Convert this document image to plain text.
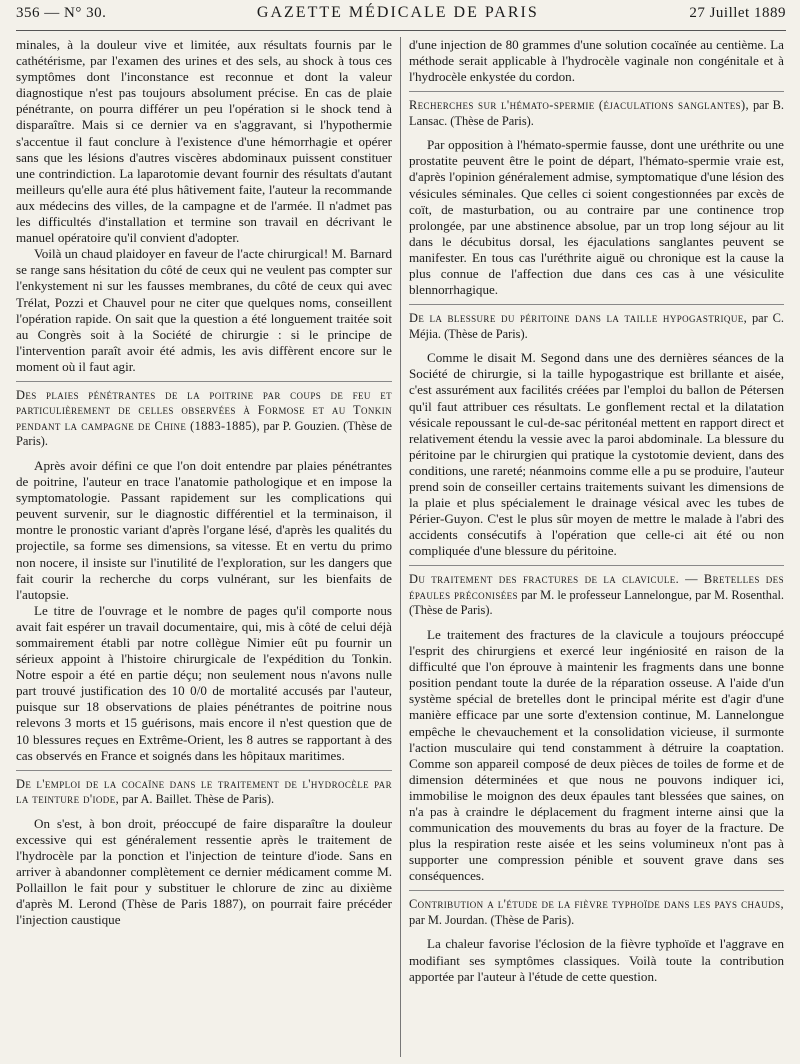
356 — N° 30.	GAZETTE MÉDICALE DE PARIS	27 Juillet 1889

minales, à la douleur vive et limitée, aux résultats fournis par le cathétérisme, par l'examen des urines et des sels, au shock à tous ces symptômes dont l'inconstance est reconnue et dont la valeur diagnostique n'est pas toujours absolument précise. En cas de plaie pénétrante, on pourra différer un peu l'opération si le shock tend à disparaître. Mais si ce dernier va en s'aggravant, si l'hypothermie s'accentue il faut conclure à l'existence d'une hémorrhagie et opérer sans que les lésions d'autres viscères abdominaux puissent constituer une contrindiction. La laparotomie devant fournir des résultats d'autant meilleurs qu'elle aura été plus hâtivement faite, l'auteur la recommande aux médecins des villes, de la campagne et de l'armée. Il n'admet pas les difficultés d'installation et termine son travail en décrivant le manuel opératoire qu'il convient d'adopter.

Voilà un chaud plaidoyer en faveur de l'acte chirurgical! M. Barnard se range sans hésitation du côté de ceux qui ne veulent pas compter sur l'enkystement ni sur les fausses membranes, du côté de ceux qui avec Trélat, Pozzi et Chauvel pour ne citer que quelques noms, conseillent l'opération rapide. On sait que la question a été longuement traitée soit au Congrès soit à la Société de chirurgie : si le principe de l'intervention paraît avoir été admis, les avis diffèrent encore sur le moment où il faut agir.

Des plaies pénétrantes de la poitrine par coups de feu et particulièrement de celles observées à Formose et au Tonkin pendant la campagne de Chine (1883-1885), par P. Gouzien. (Thèse de Paris).

Après avoir défini ce que l'on doit entendre par plaies pénétrantes de poitrine, l'auteur en trace l'anatomie pathologique et en impose la symptomatologie. Passant rapidement sur les complications qui peuvent survenir, sur le diagnostic différentiel et la terminaison, il montre le pronostic variant d'après l'organe lésé, d'après les qualités du projectile, sa forme ses dimensions, sa vitesse. Et en vertu du primo non nocere, il insiste sur l'inutilité de l'exploration, sur les dangers que fait courir la recherche du corps vulnérant, sur les bienfaits de l'autopsie.

Le titre de l'ouvrage et le nombre de pages qu'il comporte nous avait fait espérer un travail documentaire, qui, mis à côté de celui déjà sommairement établi par notre collègue Nimier eût pu fournir un sérieux appoint à l'histoire chirurgicale de l'expédition du Tonkin. Notre espoir a été en partie déçu; non seulement nous n'avons nulle part trouvé justification des 10 0/0 de mortalité accusés par l'auteur, puisque sur 18 observations de plaies pénétrantes de poitrine nous relevons 3 morts et 15 guérisons, mais encore il n'est question que de 10 blessures reçues en Extrême-Orient, les 8 autres se rapportant à des cas observés en France et soignés dans les hôpitaux maritimes.

De l'emploi de la cocaïne dans le traitement de l'hydrocèle par la teinture d'iode, par A. Baillet. Thèse de Paris).

On s'est, à bon droit, préoccupé de faire disparaître la douleur excessive qui est généralement ressentie après le traitement de l'hydrocèle par la ponction et l'injection de teinture d'iode. Sans en arriver à abandonner complètement ce dernier médicament comme M. Pollaillon le fait pour y substituer le chlorure de zinc au dixième d'après M. Lerond (Thèse de Paris 1887), on pourrait faire précéder l'injection caustique

d'une injection de 80 grammes d'une solution cocaïnée au centième. La méthode serait applicable à l'hydrocèle vaginale non congénitale et à l'hydrocèle enkystée du cordon.

Recherches sur l'hémato-spermie (éjaculations sanglantes), par B. Lansac. (Thèse de Paris).

Par opposition à l'hémato-spermie fausse, dont une uréthrite ou une prostatite peuvent être le point de départ, l'hémato-spermie vraie est, d'après l'opinion généralement admise, symptomatique d'une lésion des vésicules séminales. Que celles ci soient congestionnées par excès de coït, de masturbation, ou au contraire par une continence trop prolongée, par une abstinence absolue, par un trop long séjour au lit dans le décubitus dorsal, les éjaculations sanglantes peuvent se manifester. En tous cas l'uréthrite aiguë ou chronique est la cause la plus connue de l'affection due dans ces cas à une vésiculite blennorrhagique.

De la blessure du péritoine dans la taille hypogastrique, par C. Méjia. (Thèse de Paris).

Comme le disait M. Segond dans une des dernières séances de la Société de chirurgie, si la taille hypogastrique est brillante et aisée, c'est assurément aux facilités créées par l'emploi du ballon de Pétersen qu'il faut attribuer ces résultats. Le gonflement rectal et la dilatation vésicale repoussant le cul-de-sac péritonéal mettent en rapport direct et relativement étendu la vessie avec la paroi abdominale. La blessure du péritoine par le chirurgien qui pratique la cystotomie devient, dans des conditions, une rareté; néanmoins comme elle a pu se produire, l'auteur prend soin de conseiller certains traitements suivant les dimensions de la plaie et plus spécialement le drainage vésical avec les tubes de Périer-Guyon. C'est le plus sûr moyen de mettre le malade à l'abri des accidents consécutifs à l'opération que celle-ci ait été ou non compliquée d'une blessure du péritoine.

Du traitement des fractures de la clavicule. — Bretelles des épaules préconisées par M. le professeur Lannelongue, par M. Rosenthal. (Thèse de Paris).

Le traitement des fractures de la clavicule a toujours préoccupé l'esprit des chirurgiens et exercé leur ingéniosité en raison de la difficulté que l'on éprouve à maintenir les fragments dans une bonne position pendant toute la durée de la réparation osseuse. A l'aide d'un système spécial de bretelles dont le principal mérite est d'agir d'une manière efficace par une sorte d'extension continue, M. Lannelongue empêche le chevauchement et la consolidation vicieuse, il surmonte l'action musculaire qui tend constamment à détruire la coaptation. Comme son appareil composé de deux pièces de toiles de forme et de dimension déterminées et que nous ne pouvons indiquer ici, immobilise le moignon des deux épaules tant blessées que saines, on n'a pas à craindre le déplacement du fragment interne ainsi que la communication des mouvements du bras au foyer de la fracture. De plus la respiration reste aisée et les seins volumineux n'ont pas à supporter une compression pénible et souvent grave dans ses conséquences.

Contribution a l'étude de la fièvre typhoïde dans les pays chauds, par M. Jourdan. (Thèse de Paris).

La chaleur favorise l'éclosion de la fièvre typhoïde et l'aggrave en modifiant ses symptômes classiques. Voilà toute la contribution apportée par l'auteur à l'étude de cette question.
